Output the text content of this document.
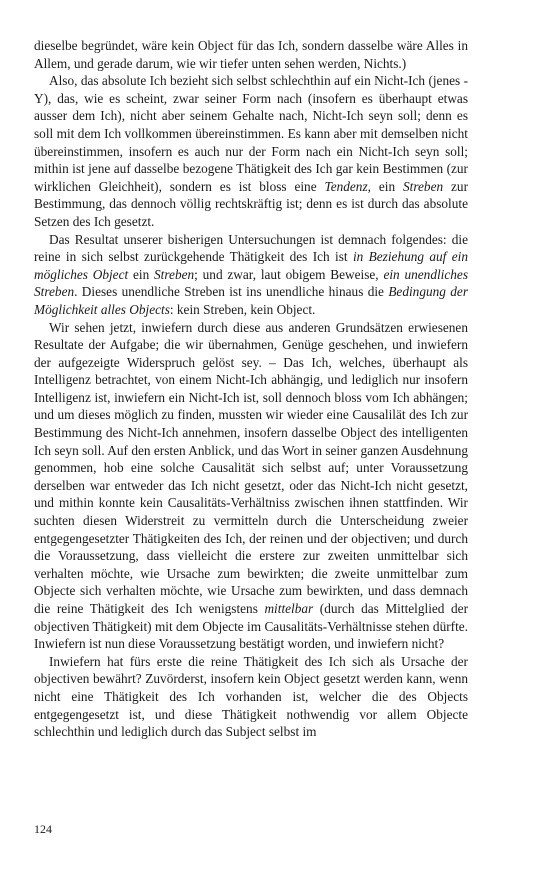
dieselbe begründet, wäre kein Object für das Ich, sondern dasselbe wäre Alles in Allem, und gerade darum, wie wir tiefer unten sehen werden, Nichts.)

Also, das absolute Ich bezieht sich selbst schlechthin auf ein Nicht-Ich (jenes -Y), das, wie es scheint, zwar seiner Form nach (insofern es überhaupt etwas ausser dem Ich), nicht aber seinem Gehalte nach, Nicht-Ich seyn soll; denn es soll mit dem Ich vollkommen übereinstimmen. Es kann aber mit demselben nicht übereinstimmen, insofern es auch nur der Form nach ein Nicht-Ich seyn soll; mithin ist jene auf dasselbe bezogene Thätigkeit des Ich gar kein Bestimmen (zur wirklichen Gleichheit), sondern es ist bloss eine Tendenz, ein Streben zur Bestimmung, das dennoch völlig rechtskräftig ist; denn es ist durch das absolute Setzen des Ich gesetzt.

Das Resultat unserer bisherigen Untersuchungen ist demnach folgendes: die reine in sich selbst zurückgehende Thätigkeit des Ich ist in Beziehung auf ein mögliches Object ein Streben; und zwar, laut obigem Beweise, ein unendliches Streben. Dieses unendliche Streben ist ins unendliche hinaus die Bedingung der Möglichkeit alles Objects: kein Streben, kein Object.

Wir sehen jetzt, inwiefern durch diese aus anderen Grundsätzen erwiesenen Resultate der Aufgabe; die wir übernahmen, Genüge geschehen, und inwiefern der aufgezeigte Widerspruch gelöst sey. – Das Ich, welches, überhaupt als Intelligenz betrachtet, von einem Nicht-Ich abhängig, und lediglich nur insofern Intelligenz ist, inwiefern ein Nicht-Ich ist, soll dennoch bloss vom Ich abhängen; und um dieses möglich zu finden, mussten wir wieder eine Causalilät des Ich zur Bestimmung des Nicht-Ich annehmen, insofern dasselbe Object des intelligenten Ich seyn soll. Auf den ersten Anblick, und das Wort in seiner ganzen Ausdehnung genommen, hob eine solche Causalität sich selbst auf; unter Voraussetzung derselben war entweder das Ich nicht gesetzt, oder das Nicht-Ich nicht gesetzt, und mithin konnte kein Causalitäts-Verhältniss zwischen ihnen stattfinden. Wir suchten diesen Widerstreit zu vermitteln durch die Unterscheidung zweier entgegengesetzter Thätigkeiten des Ich, der reinen und der objectiven; und durch die Voraussetzung, dass vielleicht die erstere zur zweiten unmittelbar sich verhalten möchte, wie Ursache zum bewirkten; die zweite unmittelbar zum Objecte sich verhalten möchte, wie Ursache zum bewirkten, und dass demnach die reine Thätigkeit des Ich wenigstens mittelbar (durch das Mittelglied der objectiven Thätigkeit) mit dem Objecte im Causalitäts-Verhältnisse stehen dürfte. Inwiefern ist nun diese Voraussetzung bestätigt worden, und inwiefern nicht?

Inwiefern hat fürs erste die reine Thätigkeit des Ich sich als Ursache der objectiven bewährt? Zuvörderst, insofern kein Object gesetzt werden kann, wenn nicht eine Thätigkeit des Ich vorhanden ist, welcher die des Objects entgegengesetzt ist, und diese Thätigkeit nothwendig vor allem Objecte schlechthin und lediglich durch das Subject selbst im

124
